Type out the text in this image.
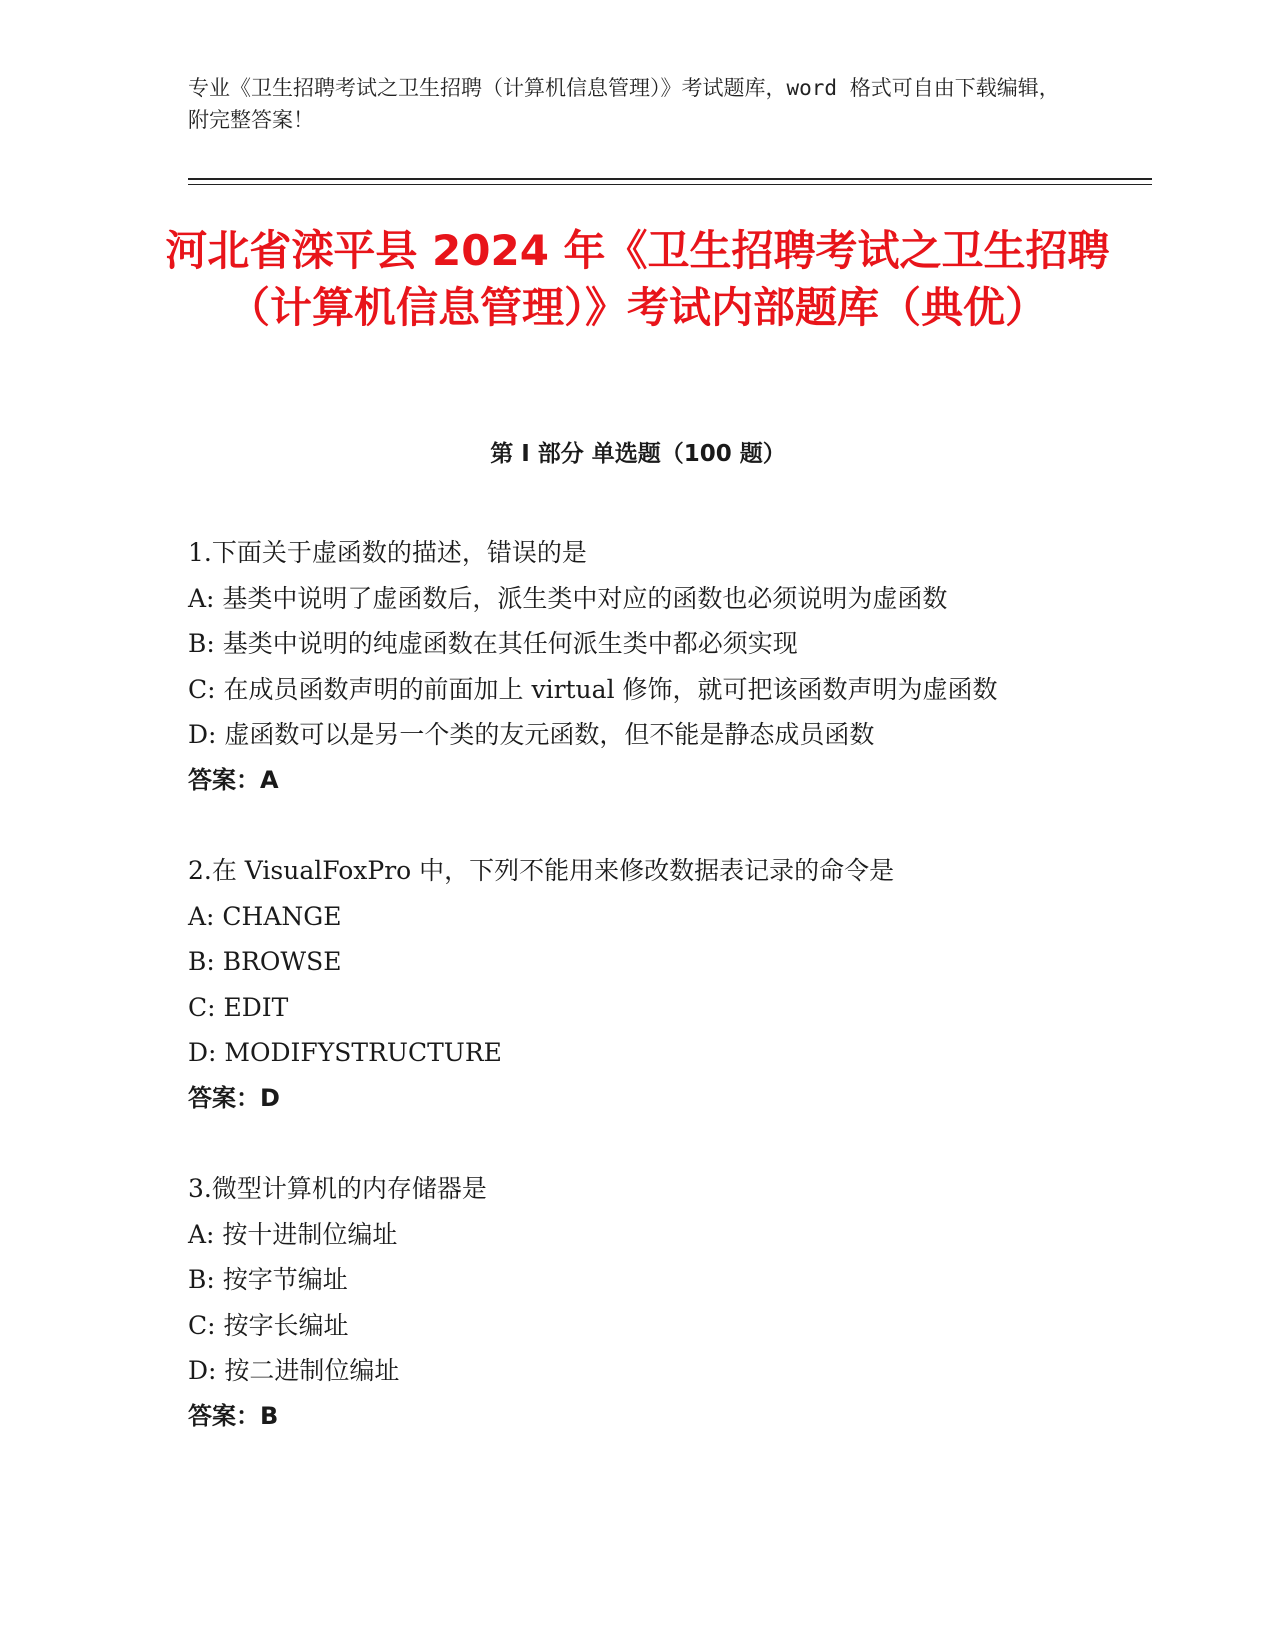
专业《卫生招聘考试之卫生招聘（计算机信息管理）》考试题库，word 格式可自由下载编辑，附完整答案！
河北省滦平县 2024 年《卫生招聘考试之卫生招聘（计算机信息管理）》考试内部题库（典优）
第 I 部分 单选题（100 题）
1.下面关于虚函数的描述，错误的是
A: 基类中说明了虚函数后，派生类中对应的函数也必须说明为虚函数
B: 基类中说明的纯虚函数在其任何派生类中都必须实现
C: 在成员函数声明的前面加上 virtual 修饰，就可把该函数声明为虚函数
D: 虚函数可以是另一个类的友元函数，但不能是静态成员函数
答案：A
2.在 VisualFoxPro 中，下列不能用来修改数据表记录的命令是
A: CHANGE
B: BROWSE
C: EDIT
D: MODIFYSTRUCTURE
答案：D
3.微型计算机的内存储器是
A: 按十进制位编址
B: 按字节编址
C: 按字长编址
D: 按二进制位编址
答案：B
